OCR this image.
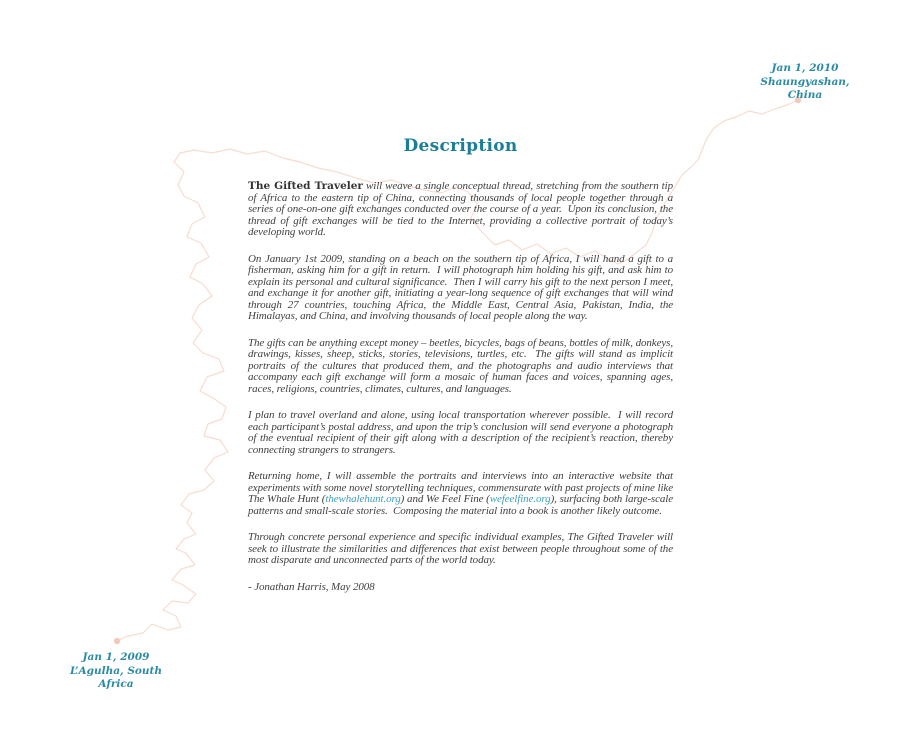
Jan 1, 2010
Shaungyashan, China
Description

The Gifted Traveler will weave a single conceptual thread, stretching from the southern tip of Africa to the eastern tip of China, connecting thousands of local people together through a series of one-on-one gift exchanges conducted over the course of a year.  Upon its conclusion, the thread of gift exchanges will be tied to the Internet, providing a collective portrait of today’s developing world.

On January 1st 2009, standing on a beach on the southern tip of Africa, I will hand a gift to a fisherman, asking him for a gift in return.  I will photograph him holding his gift, and ask him to explain its personal and cultural significance.  Then I will carry his gift to the next person I meet, and exchange it for another gift, initiating a year-long sequence of gift exchanges that will wind through 27 countries, touching Africa, the Middle East, Central Asia, Pakistan, India, the Himalayas, and China, and involving thousands of local people along the way.

The gifts can be anything except money – beetles, bicycles, bags of beans, bottles of milk, donkeys, drawings, kisses, sheep, sticks, stories, televisions, turtles, etc.  The gifts will stand as implicit portraits of the cultures that produced them, and the photographs and audio interviews that accompany each gift exchange will form a mosaic of human faces and voices, spanning ages, races, religions, countries, climates, cultures, and languages.

I plan to travel overland and alone, using local transportation wherever possible.  I will record each participant’s postal address, and upon the trip’s conclusion will send everyone a photograph of the eventual recipient of their gift along with a description of the recipient’s reaction, thereby connecting strangers to strangers.

Returning home, I will assemble the portraits and interviews into an interactive website that experiments with some novel storytelling techniques, commensurate with past projects of mine like The Whale Hunt (thewhalehunt.org) and We Feel Fine (wefeelfine.org), surfacing both large-scale patterns and small-scale stories.  Composing the material into a book is another likely outcome.

Through concrete personal experience and specific individual examples, The Gifted Traveler will seek to illustrate the similarities and differences that exist between people throughout some of the most disparate and unconnected parts of the world today.

- Jonathan Harris, May 2008

Jan 1, 2009
L’Agulha, South Africa
